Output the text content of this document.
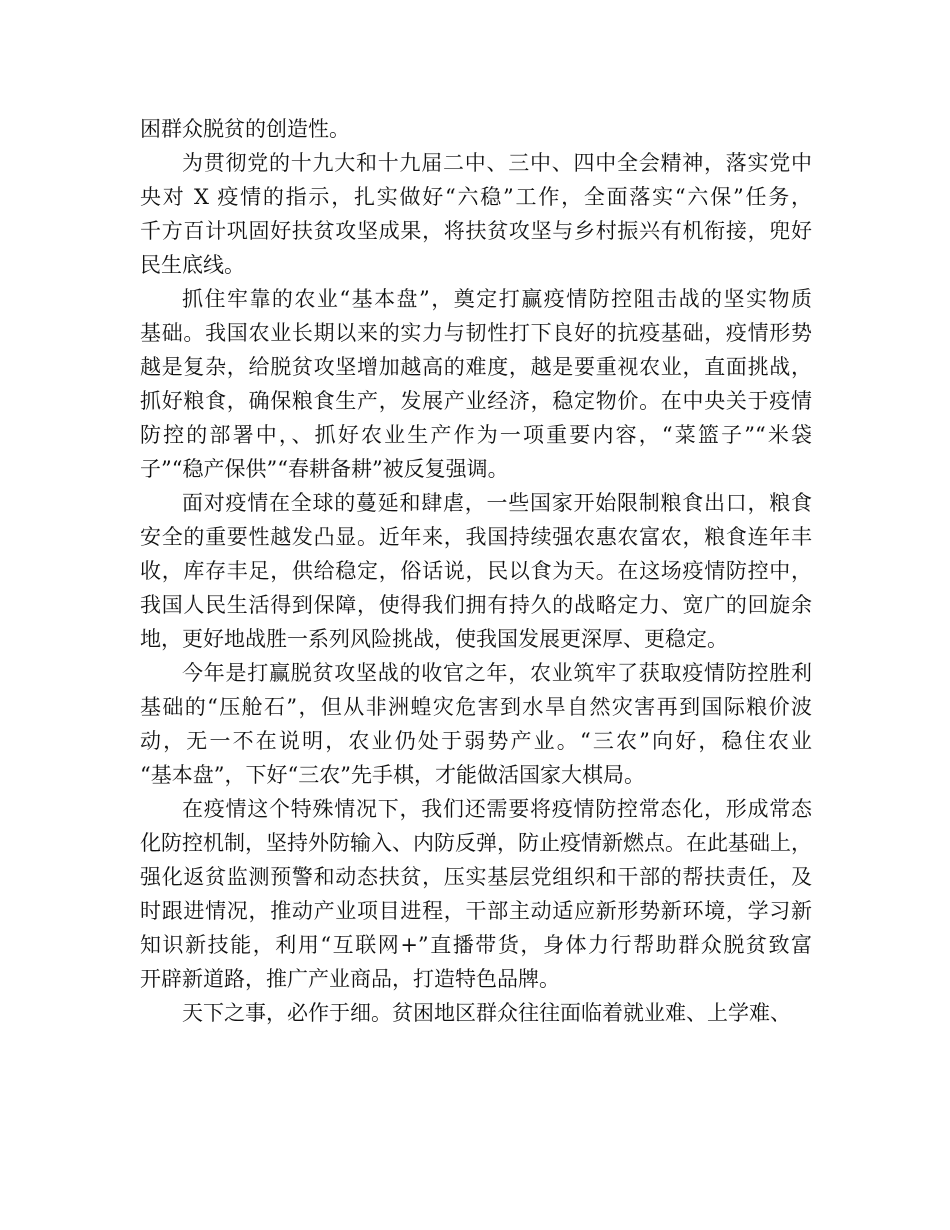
困群众脱贫的创造性。

为贯彻党的十九大和十九届二中、三中、四中全会精神，落实党中
央对 X 疫情的指示，扎实做好“六稳”工作，全面落实“六保”任务，
千方百计巩固好扶贫攻坚成果，将扶贫攻坚与乡村振兴有机衔接，兜好
民生底线。

抓住牢靠的农业“基本盘”，奠定打赢疫情防控阻击战的坚实物质
基础。我国农业长期以来的实力与韧性打下良好的抗疫基础，疫情形势
越是复杂，给脱贫攻坚增加越高的难度，越是要重视农业，直面挑战，
抓好粮食，确保粮食生产，发展产业经济，稳定物价。在中央关于疫情
防控的部署中，、抓好农业生产作为一项重要内容，“菜篮子”“米袋
子”“稳产保供”“春耕备耕”被反复强调。

面对疫情在全球的蔓延和肆虐，一些国家开始限制粮食出口，粮食
安全的重要性越发凸显。近年来，我国持续强农惠农富农，粮食连年丰
收，库存丰足，供给稳定，俗话说，民以食为天。在这场疫情防控中，
我国人民生活得到保障，使得我们拥有持久的战略定力、宽广的回旋余
地，更好地战胜一系列风险挑战，使我国发展更深厚、更稳定。

今年是打赢脱贫攻坚战的收官之年，农业筑牢了获取疫情防控胜利
基础的“压舱石”，但从非洲蝗灾危害到水旱自然灾害再到国际粮价波
动，无一不在说明，农业仍处于弱势产业。“三农”向好，稳住农业
“基本盘”，下好“三农”先手棋，才能做活国家大棋局。

在疫情这个特殊情况下，我们还需要将疫情防控常态化，形成常态
化防控机制，坚持外防输入、内防反弹，防止疫情新燃点。在此基础上，
强化返贫监测预警和动态扶贫，压实基层党组织和干部的帮扶责任，及
时跟进情况，推动产业项目进程，干部主动适应新形势新环境，学习新
知识新技能，利用“互联网+”直播带货，身体力行帮助群众脱贫致富
开辟新道路，推广产业商品，打造特色品牌。

天下之事，必作于细。贫困地区群众往往面临着就业难、上学难、
